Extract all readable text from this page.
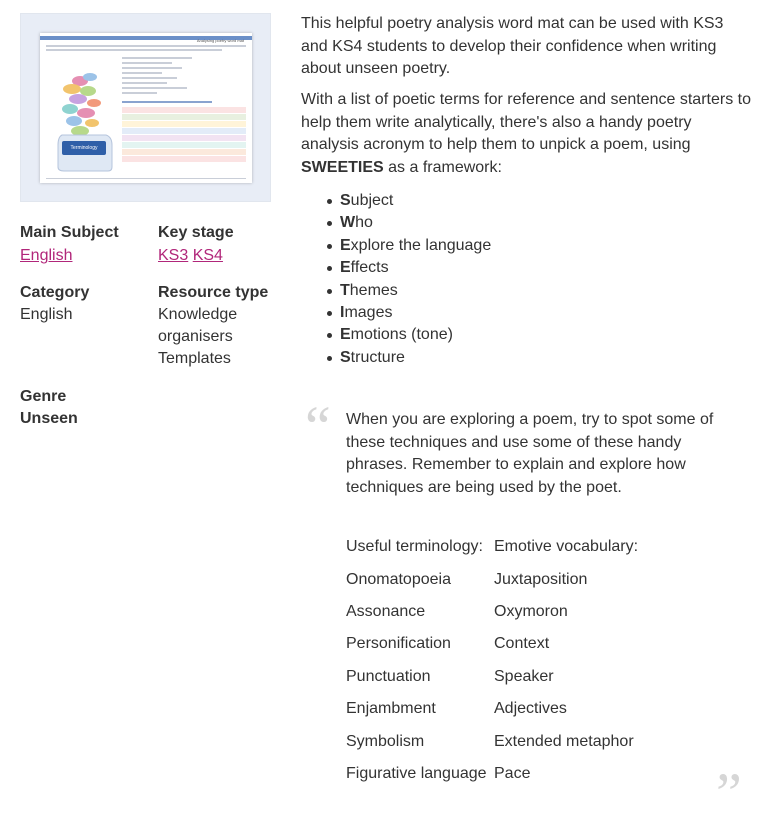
Analysing poetry word mat
Terminology
Main Subject
English
Key stage
KS3 KS4
Category
English
Resource type
Knowledge
organisers
Templates
Genre
Unseen

This helpful poetry analysis word mat can be used with KS3 and KS4 students to develop their confidence when writing about unseen poetry.

With a list of poetic terms for reference and sentence starters to help them write analytically, there's also a handy poetry analysis acronym to help them to unpick a poem, using SWEETIES as a framework:

Subject
Who
Explore the language
Effects
Themes
Images
Emotions (tone)
Structure
“ When you are exploring a poem, try to spot some of these techniques and use some of these handy phrases. Remember to explain and explore how techniques are being used by the poet.

Useful terminology:	Emotive vocabulary:
Onomatopoeia	Juxtaposition
Assonance	Oxymoron
Personification	Context
Punctuation	Speaker
Enjambment	Adjectives
Symbolism	Extended metaphor
Figurative language	Pace	”
